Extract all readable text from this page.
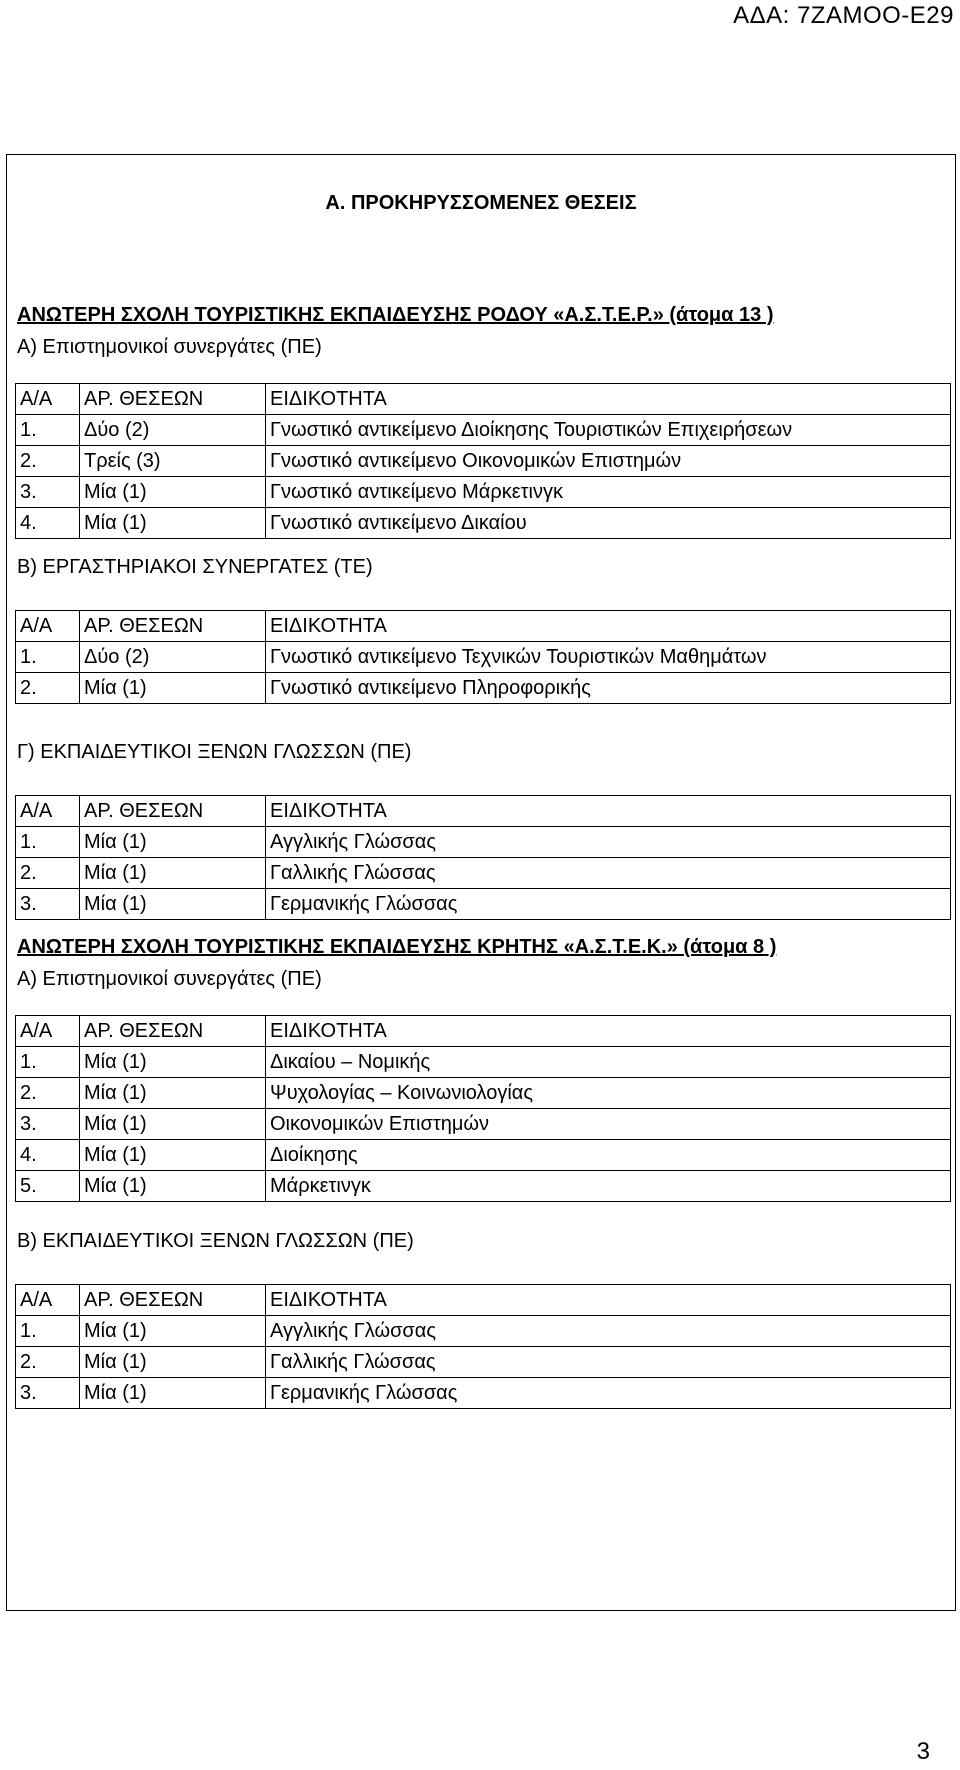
ΑΔΑ: 7ΖΑΜΟΟ-Ε29
Α. ΠΡΟΚΗΡΥΣΣΟΜΕΝΕΣ ΘΕΣΕΙΣ
ΑΝΩΤΕΡΗ ΣΧΟΛΗ ΤΟΥΡΙΣΤΙΚΗΣ ΕΚΠΑΙΔΕΥΣΗΣ ΡΟΔΟΥ «Α.Σ.Τ.Ε.Ρ.» (άτομα 13 )
Α) Επιστημονικοί συνεργάτες (ΠΕ)
Α/Α	ΑΡ. ΘΕΣΕΩΝ	ΕΙΔΙΚΟΤΗΤΑ
1.	Δύο (2)	Γνωστικό αντικείμενο Διοίκησης Τουριστικών Επιχειρήσεων
2.	Τρείς (3)	Γνωστικό αντικείμενο Οικονομικών Επιστημών
3.	Μία (1)	Γνωστικό αντικείμενο Μάρκετινγκ
4.	Μία (1)	Γνωστικό αντικείμενο Δικαίου
Β) ΕΡΓΑΣΤΗΡΙΑΚΟΙ ΣΥΝΕΡΓΑΤΕΣ (ΤΕ)
Α/Α	ΑΡ. ΘΕΣΕΩΝ	ΕΙΔΙΚΟΤΗΤΑ
1.	Δύο (2)	Γνωστικό αντικείμενο Τεχνικών Τουριστικών Μαθημάτων
2.	Μία (1)	Γνωστικό αντικείμενο Πληροφορικής
Γ) ΕΚΠΑΙΔΕΥΤΙΚΟΙ ΞΕΝΩΝ ΓΛΩΣΣΩΝ (ΠΕ)
Α/Α	ΑΡ. ΘΕΣΕΩΝ	ΕΙΔΙΚΟΤΗΤΑ
1.	Μία (1)	Αγγλικής Γλώσσας
2.	Μία (1)	Γαλλικής Γλώσσας
3.	Μία (1)	Γερμανικής Γλώσσας
ΑΝΩΤΕΡΗ ΣΧΟΛΗ ΤΟΥΡΙΣΤΙΚΗΣ ΕΚΠΑΙΔΕΥΣΗΣ ΚΡΗΤΗΣ «Α.Σ.Τ.Ε.Κ.» (άτομα 8 )
Α) Επιστημονικοί συνεργάτες (ΠΕ)
Α/Α	ΑΡ. ΘΕΣΕΩΝ	ΕΙΔΙΚΟΤΗΤΑ
1.	Μία (1)	Δικαίου – Νομικής
2.	Μία (1)	Ψυχολογίας – Κοινωνιολογίας
3.	Μία (1)	Οικονομικών Επιστημών
4.	Μία (1)	Διοίκησης
5.	Μία (1)	Μάρκετινγκ
Β) ΕΚΠΑΙΔΕΥΤΙΚΟΙ ΞΕΝΩΝ ΓΛΩΣΣΩΝ (ΠΕ)
Α/Α	ΑΡ. ΘΕΣΕΩΝ	ΕΙΔΙΚΟΤΗΤΑ
1.	Μία (1)	Αγγλικής Γλώσσας
2.	Μία (1)	Γαλλικής Γλώσσας
3.	Μία (1)	Γερμανικής Γλώσσας
3
